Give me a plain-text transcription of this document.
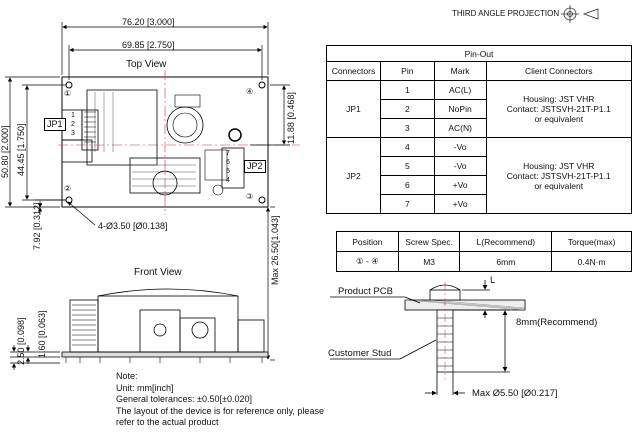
THIRD ANGLE PROJECTION
Top View
76.20 [3.000]
69.85 [2.750]
50.80 [2.000] 44.45 [1.750]
11.88 [0.468]
7.92 [0.312]	Max 26.50[1.043]
4-Ø3.50 [Ø0.138]
JP1
JP2
1
2
3
7
6
5
4
①	④
②
③
Front View
1.60 [0.063]
2.50 [0.098]
Pin-Out			
Connectors	Pin	Mark	Client Connectors
JP1	1	AC(L)	Housing: JST VHR
Contact: JSTSVH-21T-P1.1
or equivalent

	2	NoPin	
	3	AC(N)	
JP2	4	-Vo	Housing: JST VHR
Contact: JSTSVH-21T-P1.1
or equivalent

	5	-Vo	
	6	+Vo	
	7	+Vo	
Position	Screw Spec.	L(Recommend)	Torque(max)
① - ④	M3	6mm	0.4N·m
Product PCB
Customer Stud
L
8mm(Recommend)
Max Ø5.50 [Ø0.217]
Note:
Unit: mm[inch]
General tolerances: ±0.50[±0.020]
The layout of the device is for reference only, please
refer to the actual product
